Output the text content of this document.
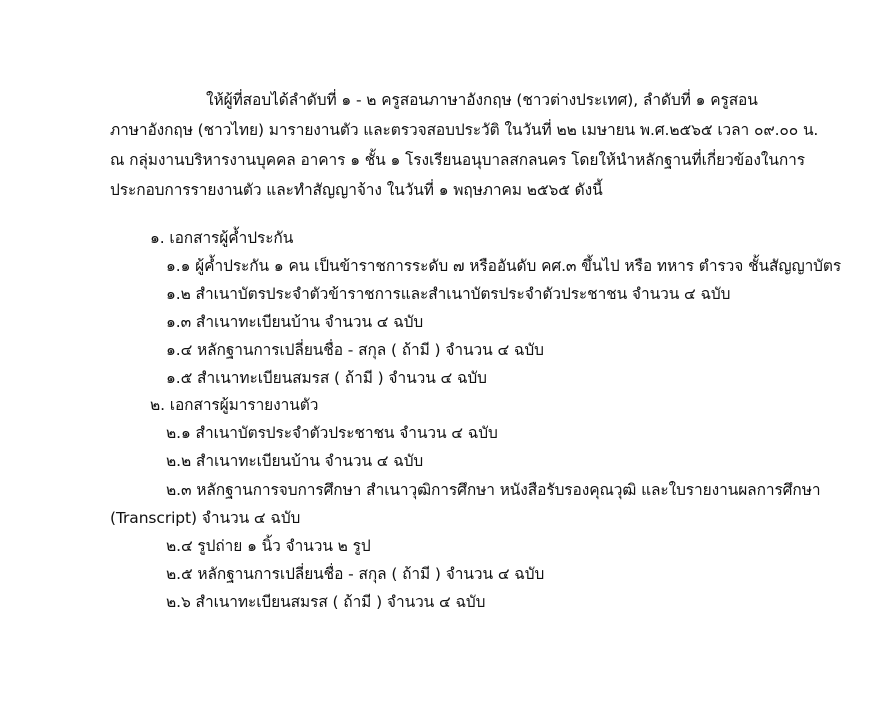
ให้ผู้ที่สอบได้ลำดับที่ ๑ - ๒ ครูสอนภาษาอังกฤษ (ชาวต่างประเทศ), ลำดับที่ ๑ ครูสอน
ภาษาอังกฤษ (ชาวไทย) มารายงานตัว และตรวจสอบประวัติ ในวันที่ ๒๒ เมษายน พ.ศ.๒๕๖๕ เวลา ๐๙.๐๐ น.
ณ กลุ่มงานบริหารงานบุคคล อาคาร ๑ ชั้น ๑ โรงเรียนอนุบาลสกลนคร โดยให้นำหลักฐานที่เกี่ยวข้องในการ
ประกอบการรายงานตัว และทำสัญญาจ้าง ในวันที่ ๑ พฤษภาคม ๒๕๖๕ ดังนี้
๑. เอกสารผู้ค้ำประกัน
๑.๑ ผู้ค้ำประกัน ๑ คน เป็นข้าราชการระดับ ๗ หรืออันดับ คศ.๓ ขึ้นไป หรือ ทหาร ตำรวจ ชั้นสัญญาบัตร
๑.๒ สำเนาบัตรประจำตัวข้าราชการและสำเนาบัตรประจำตัวประชาชน จำนวน ๔ ฉบับ
๑.๓ สำเนาทะเบียนบ้าน จำนวน ๔ ฉบับ
๑.๔ หลักฐานการเปลี่ยนชื่อ - สกุล ( ถ้ามี ) จำนวน ๔ ฉบับ
๑.๕ สำเนาทะเบียนสมรส ( ถ้ามี ) จำนวน ๔ ฉบับ
๒. เอกสารผู้มารายงานตัว
๒.๑ สำเนาบัตรประจำตัวประชาชน จำนวน ๔ ฉบับ
๒.๒ สำเนาทะเบียนบ้าน จำนวน ๔ ฉบับ
๒.๓ หลักฐานการจบการศึกษา สำเนาวุฒิการศึกษา หนังสือรับรองคุณวุฒิ และใบรายงานผลการศึกษา
(Transcript) จำนวน ๔ ฉบับ
๒.๔ รูปถ่าย ๑ นิ้ว จำนวน ๒ รูป
๒.๕ หลักฐานการเปลี่ยนชื่อ - สกุล ( ถ้ามี ) จำนวน ๔ ฉบับ
๒.๖ สำเนาทะเบียนสมรส ( ถ้ามี ) จำนวน ๔ ฉบับ
